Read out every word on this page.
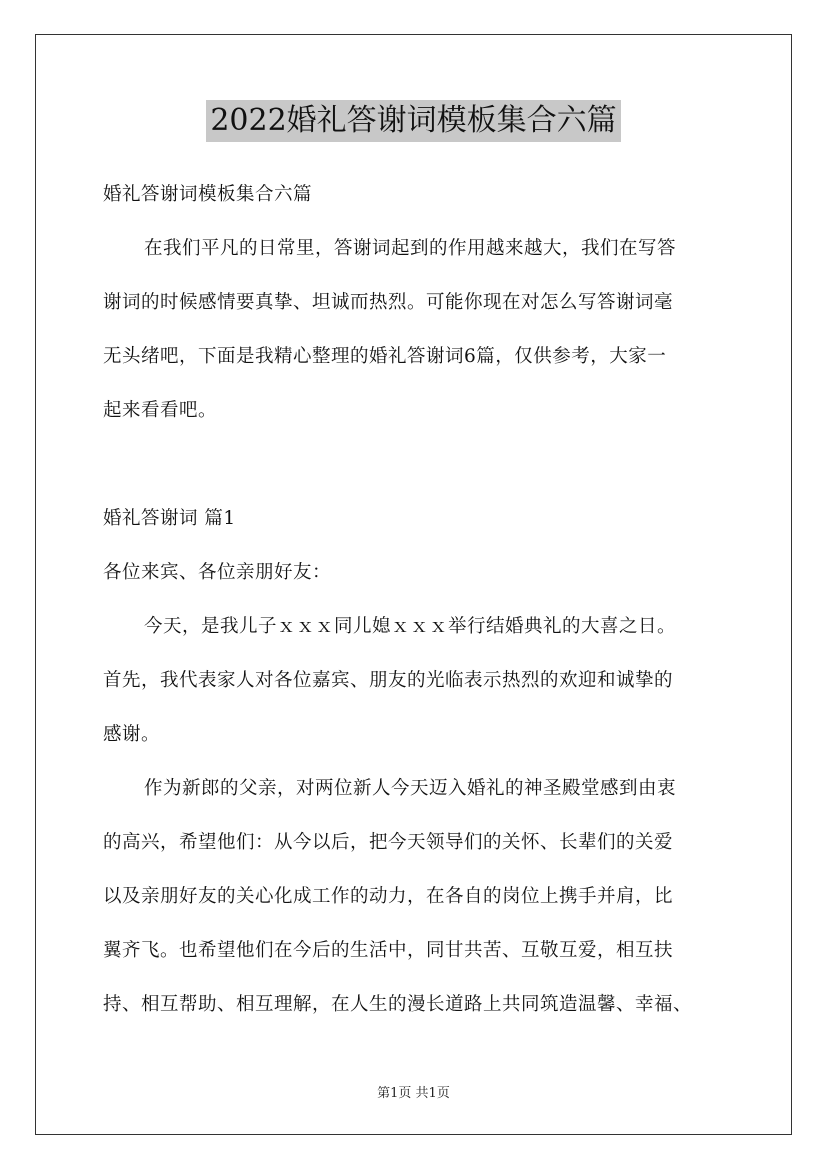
2022婚礼答谢词模板集合六篇
婚礼答谢词模板集合六篇
在我们平凡的日常里，答谢词起到的作用越来越大，我们在写答
谢词的时候感情要真挚、坦诚而热烈。可能你现在对怎么写答谢词毫
无头绪吧，下面是我精心整理的婚礼答谢词6篇，仅供参考，大家一
起来看看吧。
婚礼答谢词 篇1
各位来宾、各位亲朋好友：
今天，是我儿子ｘｘｘ同儿媳ｘｘｘ举行结婚典礼的大喜之日。
首先，我代表家人对各位嘉宾、朋友的光临表示热烈的欢迎和诚挚的
感谢。
作为新郎的父亲，对两位新人今天迈入婚礼的神圣殿堂感到由衷
的高兴，希望他们：从今以后，把今天领导们的关怀、长辈们的关爱
以及亲朋好友的关心化成工作的动力，在各自的岗位上携手并肩，比
翼齐飞。也希望他们在今后的生活中，同甘共苦、互敬互爱，相互扶
持、相互帮助、相互理解，在人生的漫长道路上共同筑造温馨、幸福、
第1页 共1页
